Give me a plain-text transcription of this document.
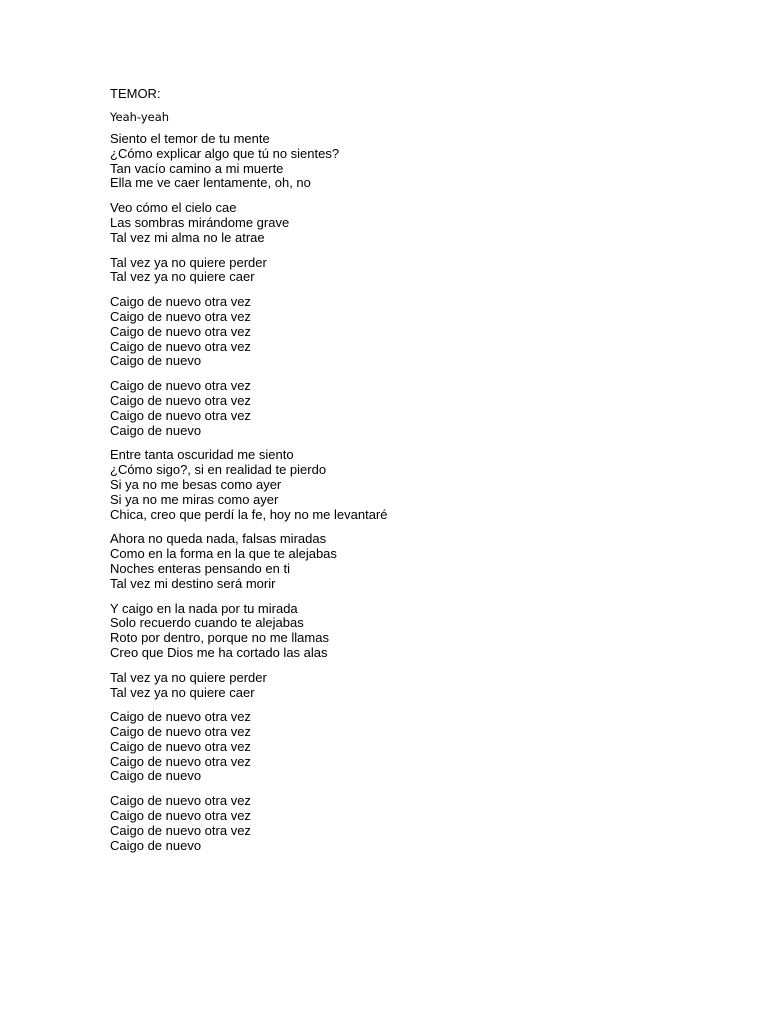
TEMOR:
Yeah-yeah
Siento el temor de tu mente
¿Cómo explicar algo que tú no sientes?
Tan vacío camino a mi muerte
Ella me ve caer lentamente, oh, no
Veo cómo el cielo cae
Las sombras mirándome grave
Tal vez mi alma no le atrae
Tal vez ya no quiere perder
Tal vez ya no quiere caer
Caigo de nuevo otra vez
Caigo de nuevo otra vez
Caigo de nuevo otra vez
Caigo de nuevo otra vez
Caigo de nuevo
Caigo de nuevo otra vez
Caigo de nuevo otra vez
Caigo de nuevo otra vez
Caigo de nuevo
Entre tanta oscuridad me siento
¿Cómo sigo?, si en realidad te pierdo
Si ya no me besas como ayer
Si ya no me miras como ayer
Chica, creo que perdí la fe, hoy no me levantaré
Ahora no queda nada, falsas miradas
Como en la forma en la que te alejabas
Noches enteras pensando en ti
Tal vez mi destino será morir
Y caigo en la nada por tu mirada
Solo recuerdo cuando te alejabas
Roto por dentro, porque no me llamas
Creo que Dios me ha cortado las alas
Tal vez ya no quiere perder
Tal vez ya no quiere caer
Caigo de nuevo otra vez
Caigo de nuevo otra vez
Caigo de nuevo otra vez
Caigo de nuevo otra vez
Caigo de nuevo
Caigo de nuevo otra vez
Caigo de nuevo otra vez
Caigo de nuevo otra vez
Caigo de nuevo
